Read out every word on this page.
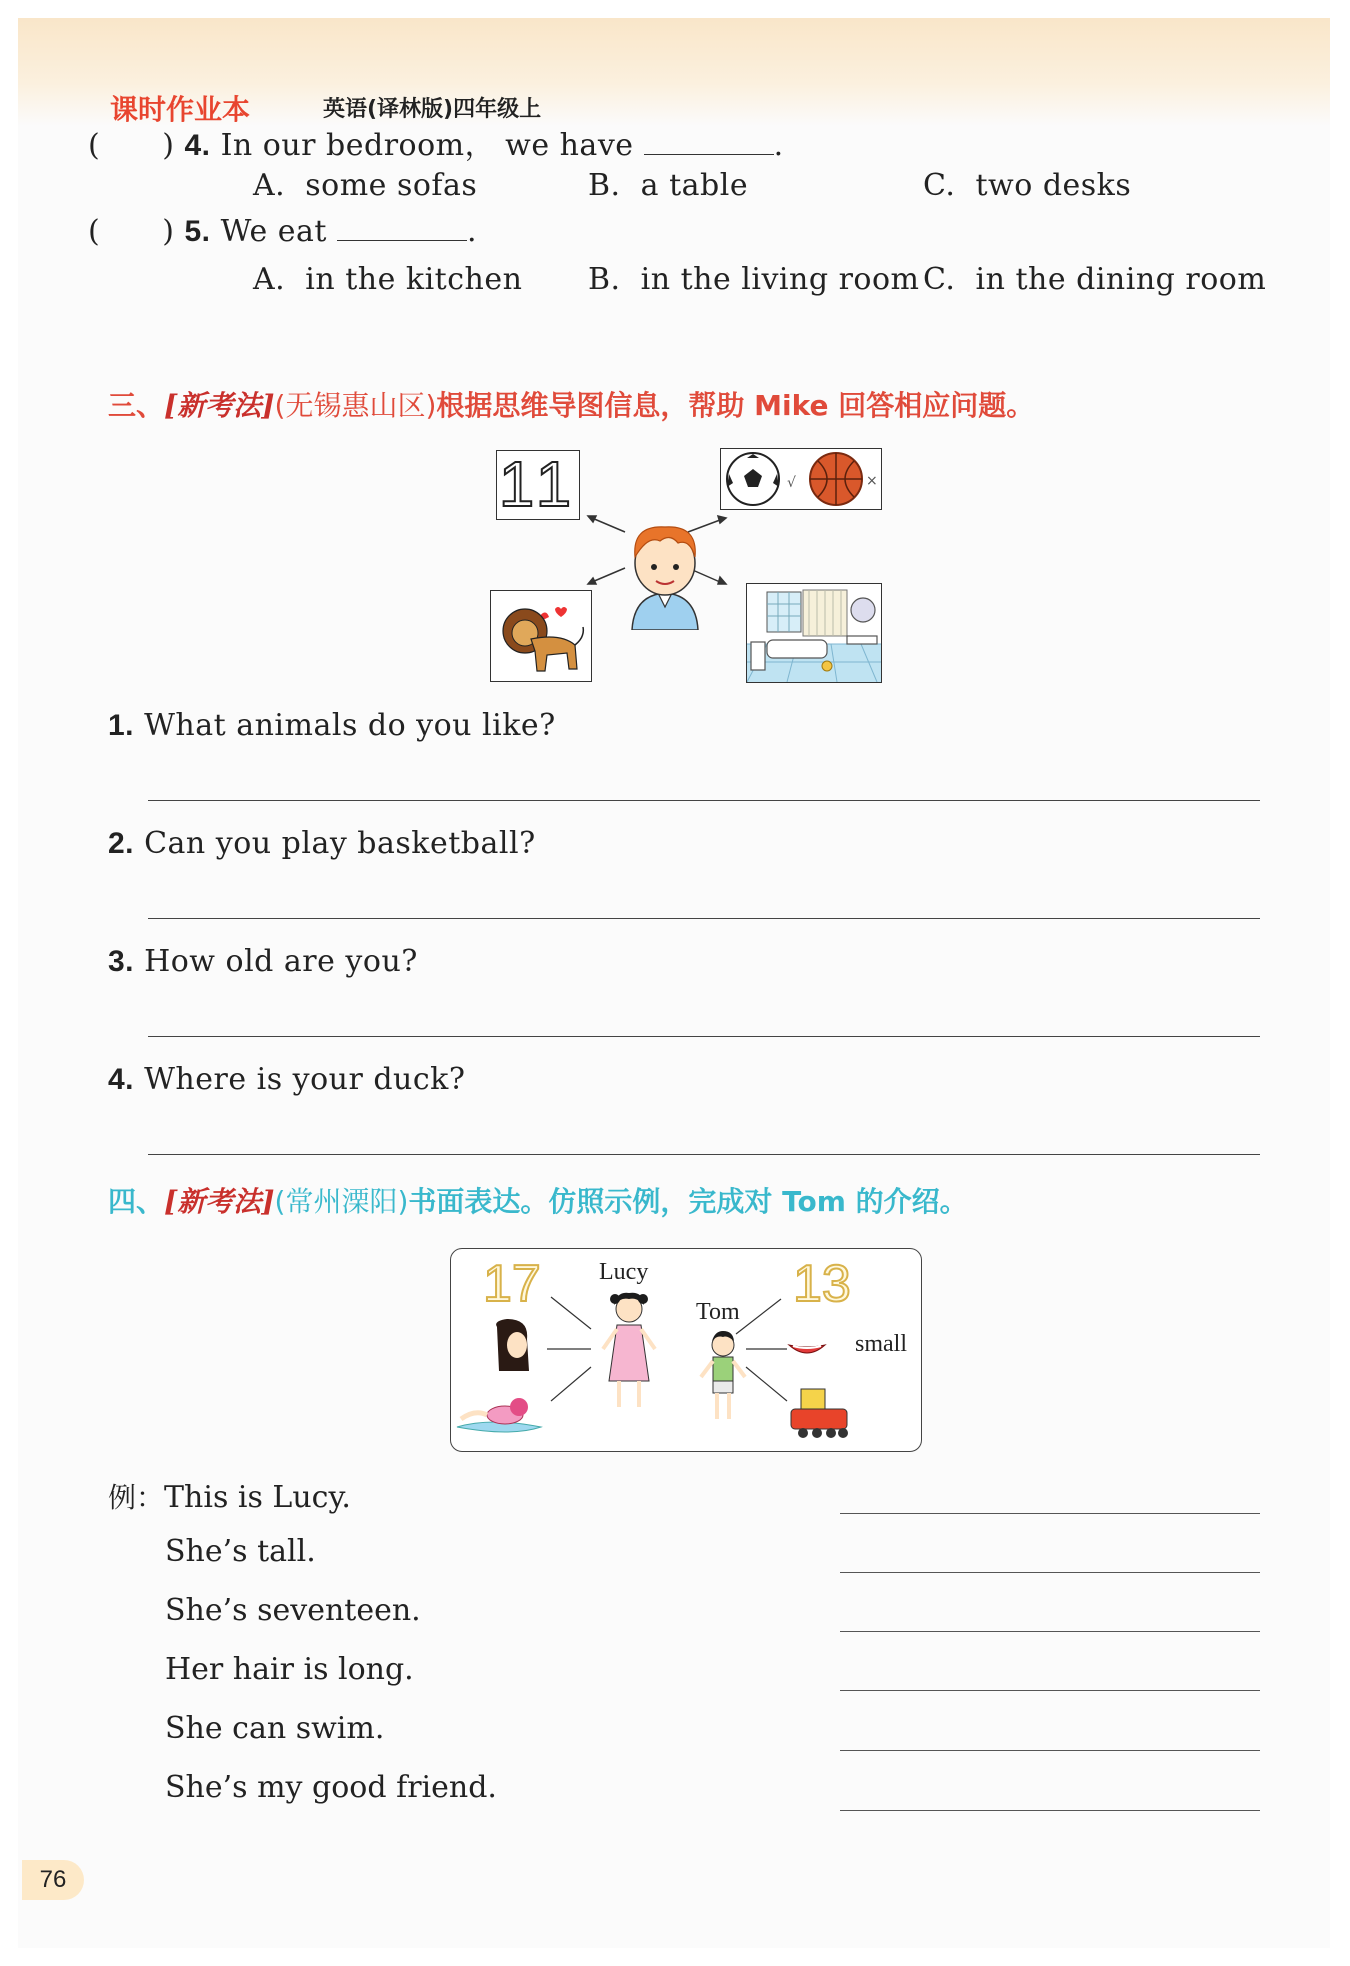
课时作业本	英语(译林版)四年级上
( ) 4. In our bedroom， we have	.
A. some sofas	B. a table	C. two desks
( ) 5. We eat	.
A. in the kitchen B. in the living room C. in the dining room
三、[新考法](无锡惠山区)根据思维导图信息，帮助 Mike 回答相应问题。
11	√	×
1. What animals do you like?
2. Can you play basketball?
3. How old are you?
4. Where is your duck?
四、[新考法](常州溧阳)书面表达。仿照示例，完成对 Tom 的介绍。
17 Lucy
Tom 13
small
例：This is Lucy.
She’s tall.
She’s seventeen.
Her hair is long.
She can swim.
She’s my good friend.
76
